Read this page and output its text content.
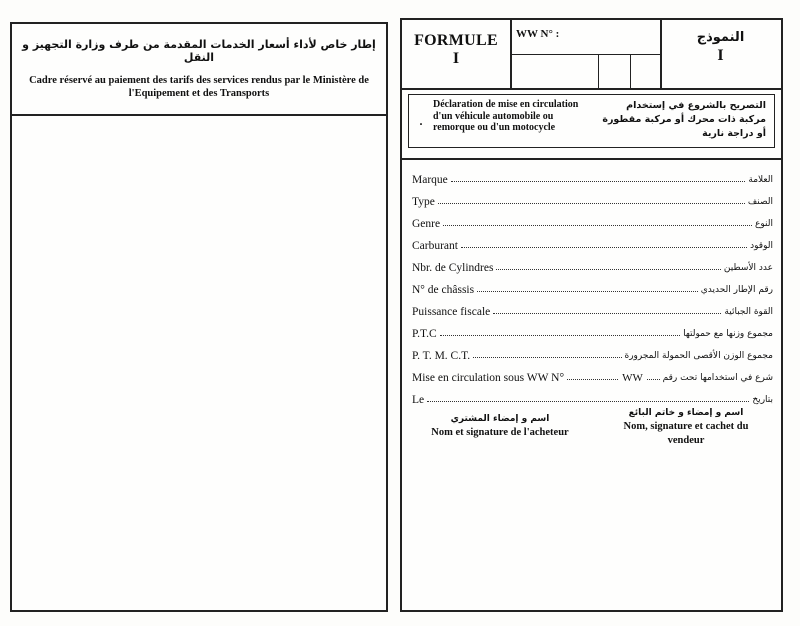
إطار خاص لأداء أسعار الخدمات المقدمة من طرف وزارة التجهيز و النقل
Cadre réservé au paiement des tarifs des services rendus par le Ministère de l'Equipement et des Transports
FORMULE
I
WW N° :	النموذج
I
·
Déclaration de mise en circulation d'un véhicule automobile ou remorque ou d'un motocycle
التصريح بالشروع في إستخدام مركبة ذات محرك أو مركبة مقطورة أو دراجة نارية
Marque	العلامة
Type	الصنف
Genre	النوع
Carburant	الوقود
Nbr. de Cylindres	عدد الأسطين
N° de châssis	رقم الإطار الحديدي
Puissance fiscale	القوة الجبائية
P.T.C	مجموع وزنها مع حمولتها
P. T. M. C.T.	مجموع الوزن الأقصى الحمولة المجرورة
Mise en circulation sous WW N°	WW	شرع في استخدامها تحت رقم
Le	بتاريخ
اسم و إمضاء المشتري
Nom et signature de l'acheteur
اسم و إمضاء و خاتم البائع
Nom, signature et cachet du vendeur
